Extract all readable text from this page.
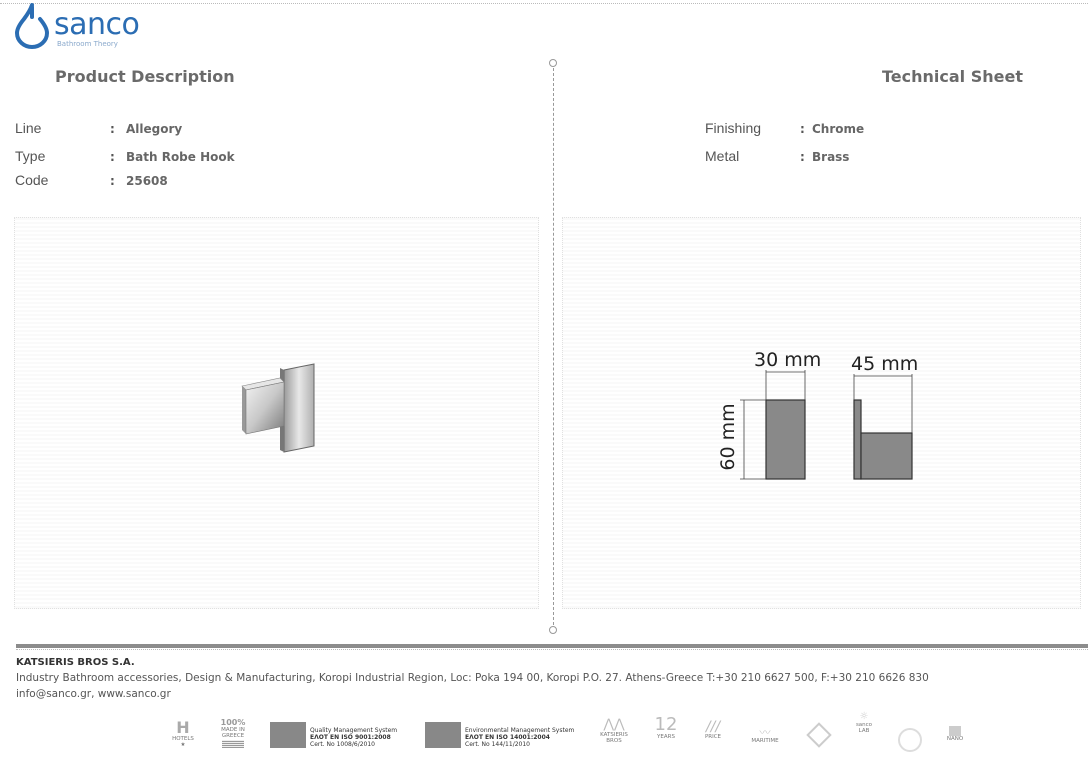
sanco
Bathroom Theory
Product Description	Technical Sheet
Line	: Allegory
Type	: Bath Robe Hook
Code	: 25608
Finishing	: Chrome
Metal	: Brass
30 mm 45 mm
60 mm
KATSIERIS BROS S.A.
Industry Bathroom accessories, Design & Manufacturing, Koropi Industrial Region, Loc: Poka 194 00, Koropi P.O. 27. Athens-Greece T:+30 210 6627 500, F:+30 210 6626 830
info@sanco.gr, www.sanco.gr
H
HOTELS
★
100%
MADE IN
GREECE
Quality Management System
ΕΛΟΤ EN ISO 9001:2008
Cert. No 1008/6/2010
Environmental Management System
ΕΛΟΤ EN ISO 14001:2004
Cert. No 144/11/2010
⋀⋀
KATSIERIS
BROS
12
YEARS
///
PRICE	〰
MARITIME
☼
sanco
LAB
NANO
